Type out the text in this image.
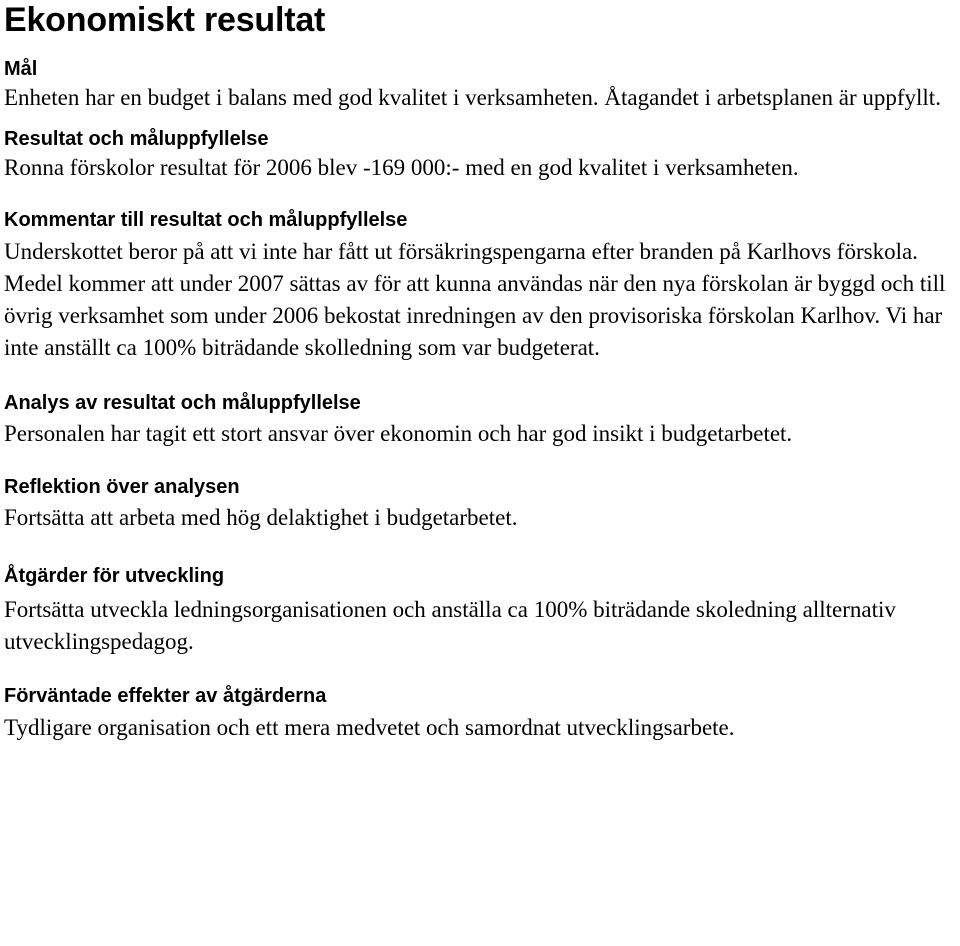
Ekonomiskt resultat
Mål

Enheten har en budget i balans med god kvalitet i verksamheten. Åtagandet i arbetsplanen är uppfyllt.

Resultat och måluppfyllelse

Ronna förskolor resultat för 2006 blev -169 000:- med en god kvalitet i verksamheten.

Kommentar till resultat och måluppfyllelse

Underskottet beror på att vi inte har fått ut försäkringspengarna efter branden på Karlhovs förskola. Medel kommer att under 2007 sättas av för att kunna användas när den nya förskolan är byggd och till övrig verksamhet som under 2006 bekostat inredningen av den provisoriska förskolan Karlhov. Vi har inte anställt ca 100% biträdande skolledning som var budgeterat.

Analys av resultat och måluppfyllelse

Personalen har tagit ett stort ansvar över ekonomin och har god insikt i budgetarbetet.

Reflektion över analysen

Fortsätta att arbeta med hög delaktighet i budgetarbetet.

Åtgärder för utveckling

Fortsätta utveckla ledningsorganisationen och anställa ca 100% biträdande skoledning allternativ utvecklingspedagog.

Förväntade effekter av åtgärderna

Tydligare organisation och ett mera medvetet och samordnat utvecklingsarbete.
